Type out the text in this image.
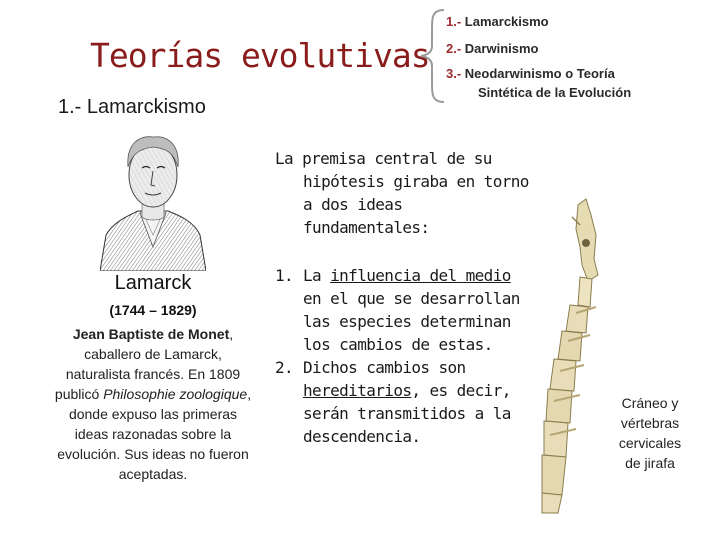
Teorías evolutivas
1.- Lamarckismo
2.- Darwinismo
3.- Neodarwinismo o Teoría
Sintética de la Evolución
1.- Lamarckismo
Lamarck
(1744 – 1829)
Jean Baptiste de Monet, caballero de Lamarck, naturalista francés. En 1809 publicó Philosophie zoologique, donde expuso las primeras ideas razonadas sobre la evolución. Sus ideas no fueron aceptadas.
La premisa central de su
hipótesis giraba en torno a dos ideas fundamentales:
1. La influencia del medio en el que se desarrollan las especies determinan los cambios de estas.
2. Dichos cambios son hereditarios, es decir, serán transmitidos a la descendencia.
Cráneo y vértebras cervicales de jirafa
